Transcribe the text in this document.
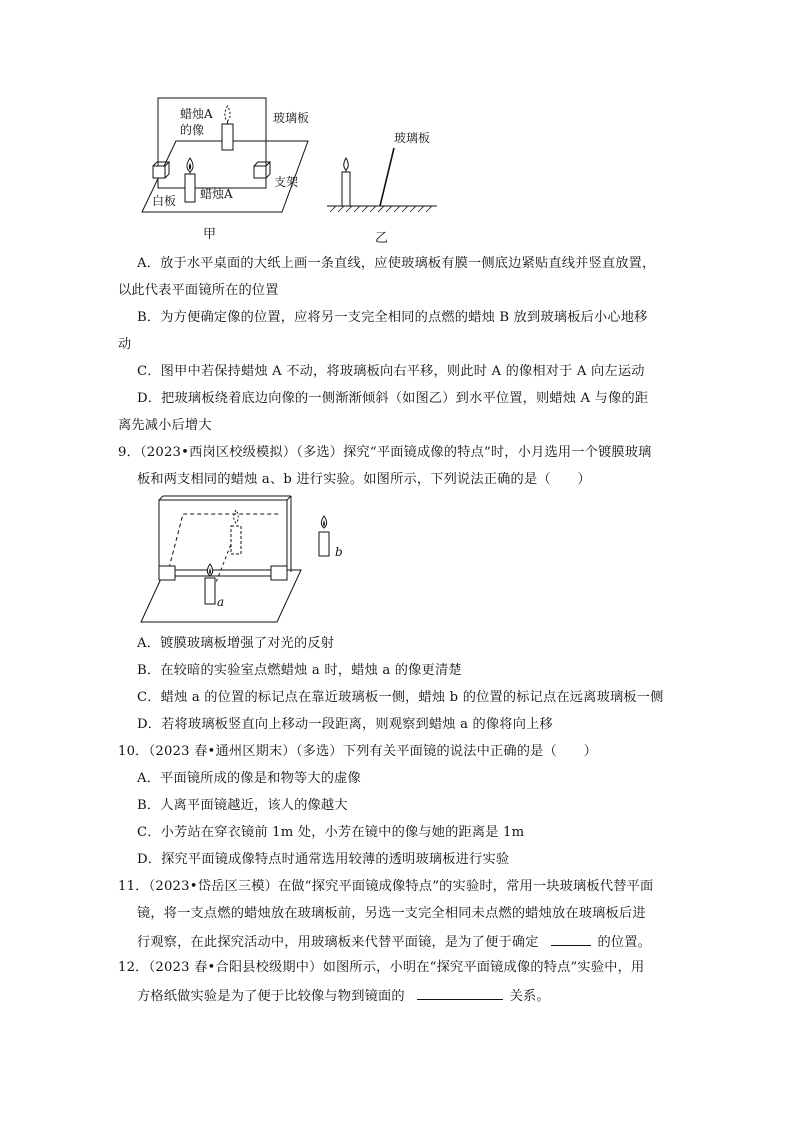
蜡烛A
的像
玻璃板
支架
白板 蜡烛A
甲
玻璃板
乙
A．放于水平桌面的大纸上画一条直线，应使玻璃板有膜一侧底边紧贴直线并竖直放置，
以此代表平面镜所在的位置
B．为方便确定像的位置，应将另一支完全相同的点燃的蜡烛 B 放到玻璃板后小心地移
动
C．图甲中若保持蜡烛 A 不动，将玻璃板向右平移，则此时 A 的像相对于 A 向左运动
D．把玻璃板绕着底边向像的一侧渐渐倾斜（如图乙）到水平位置，则蜡烛 A 与像的距
离先减小后增大
9．（2023•西岗区校级模拟）（多选）探究“平面镜成像的特点”时，小月选用一个镀膜玻璃
板和两支相同的蜡烛 a、b 进行实验。如图所示，下列说法正确的是（　　）
a
b
A．镀膜玻璃板增强了对光的反射
B．在较暗的实验室点燃蜡烛 a 时，蜡烛 a 的像更清楚
C．蜡烛 a 的位置的标记点在靠近玻璃板一侧，蜡烛 b 的位置的标记点在远离玻璃板一侧
D．若将玻璃板竖直向上移动一段距离，则观察到蜡烛 a 的像将向上移
10．（2023 春•通州区期末）（多选）下列有关平面镜的说法中正确的是（　　）
A．平面镜所成的像是和物等大的虚像
B．人离平面镜越近，该人的像越大
C．小芳站在穿衣镜前 1m 处，小芳在镜中的像与她的距离是 1m
D．探究平面镜成像特点时通常选用较薄的透明玻璃板进行实验
11．（2023•岱岳区三模）在做“探究平面镜成像特点”的实验时，常用一块玻璃板代替平面
镜，将一支点燃的蜡烛放在玻璃板前，另选一支完全相同未点燃的蜡烛放在玻璃板后进
行观察，在此探究活动中，用玻璃板来代替平面镜，是为了便于确定	的位置。
12．（2023 春•合阳县校级期中）如图所示，小明在“探究平面镜成像的特点”实验中，用
方格纸做实验是为了便于比较像与物到镜面的	关系。
